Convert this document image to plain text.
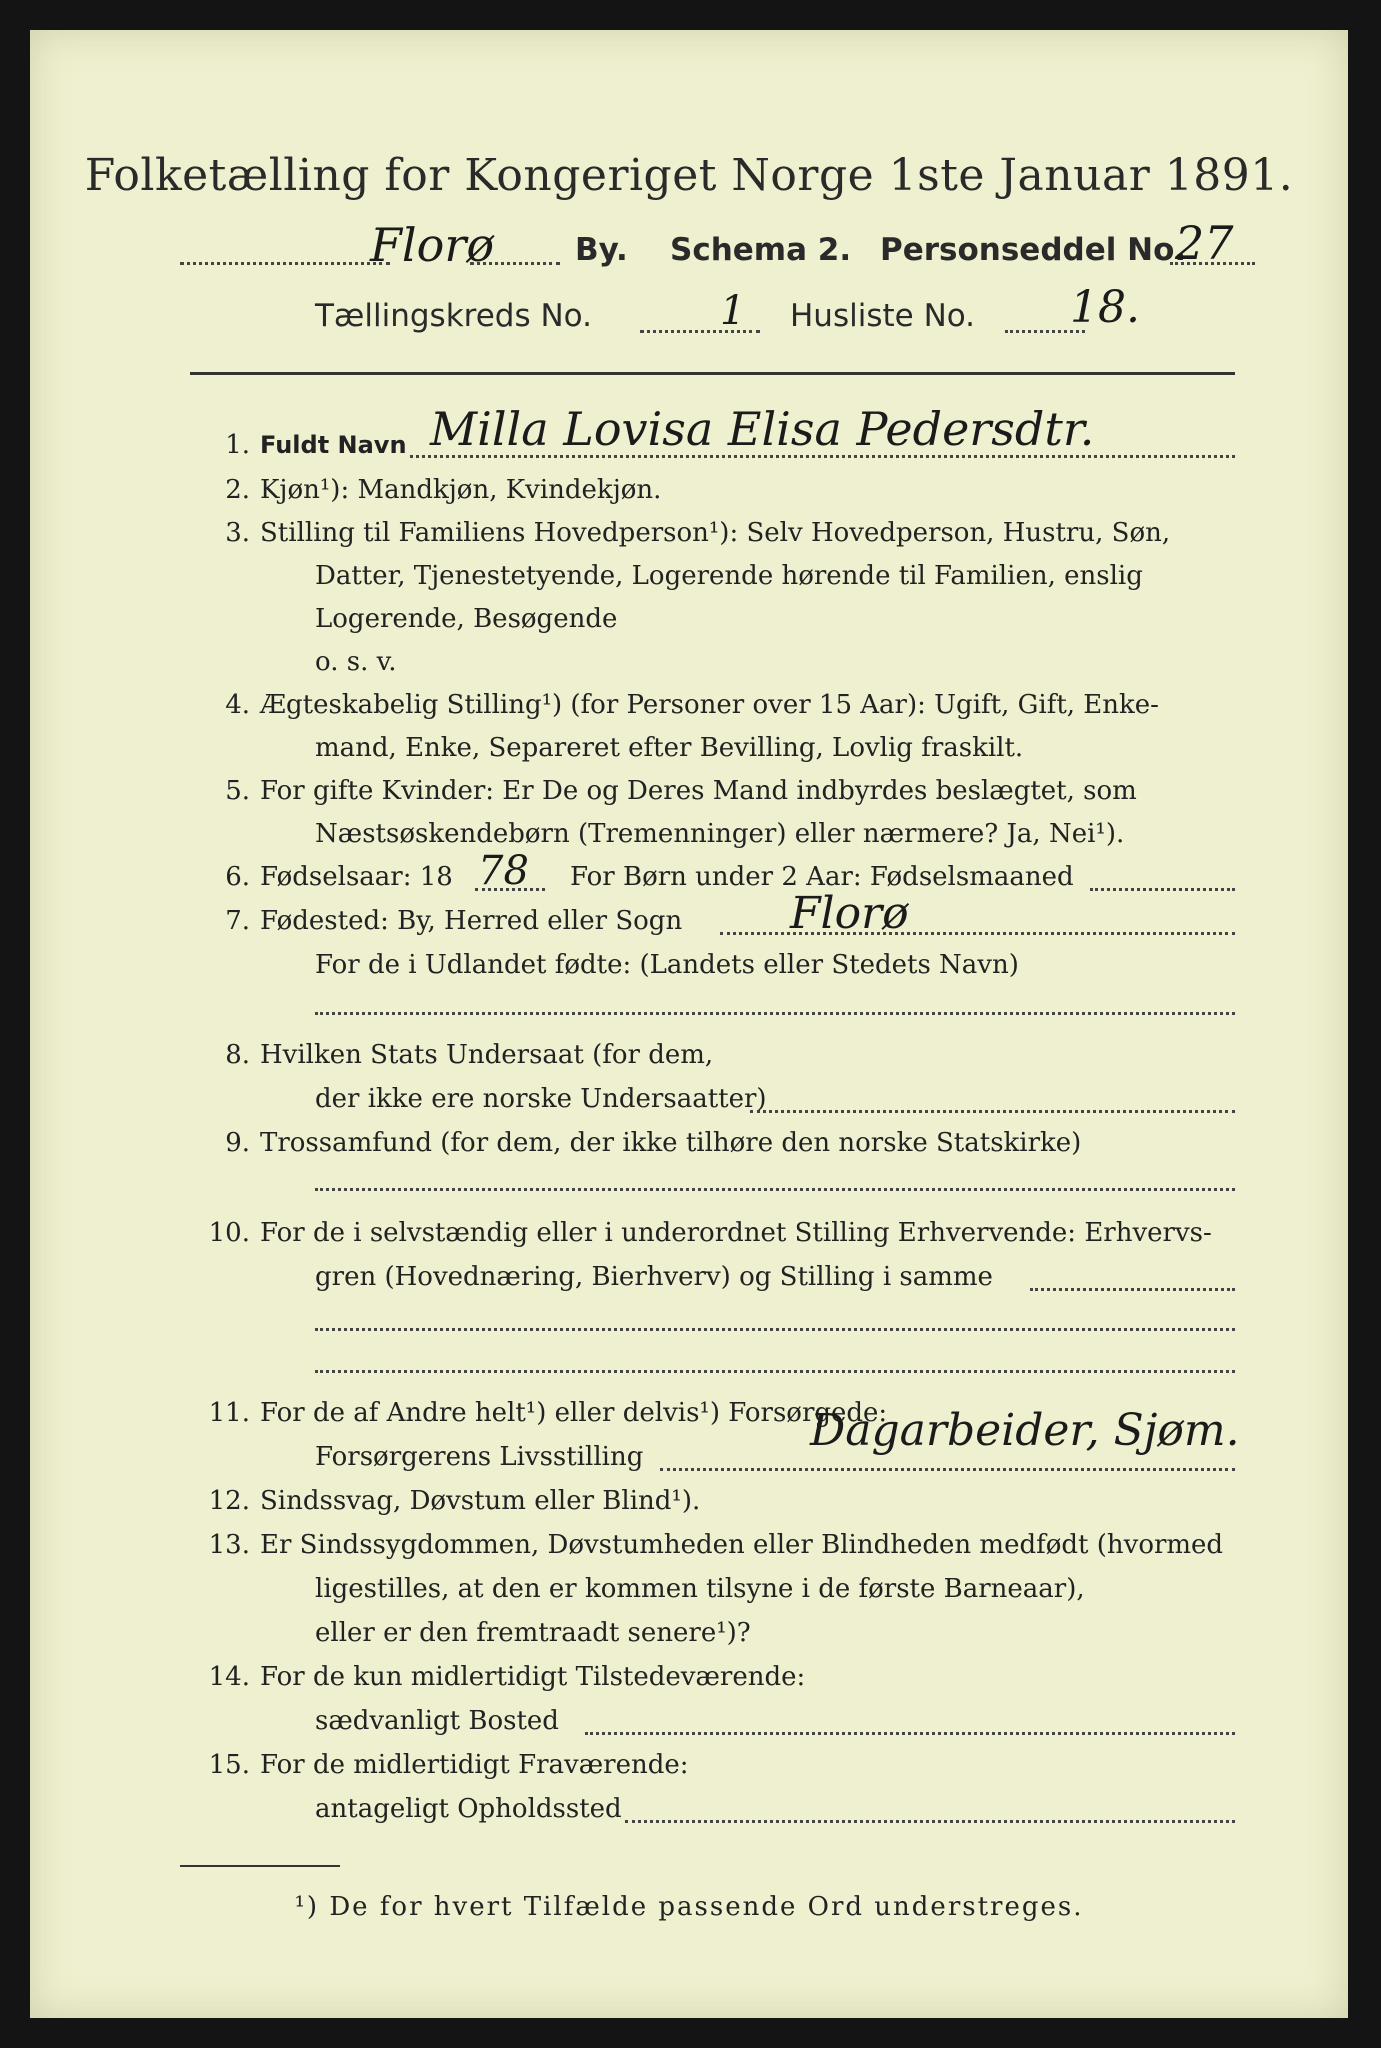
Folketælling for Kongeriget Norge 1ste Januar 1891.
Florø	By. Schema 2. Personseddel No.
27
Tællingskreds No.	1 Husliste No. 18.
1. Fuldt Navn Milla Lovisa Elisa Pedersdtr.
2. Kjøn¹): Mandkjøn, Kvindekjøn.
3. Stilling til Familiens Hovedperson¹): Selv Hovedperson, Hustru, Søn,
Datter, Tjenestetyende, Logerende hørende til Familien, enslig
Logerende, Besøgende
o. s. v.
4. Ægteskabelig Stilling¹) (for Personer over 15 Aar): Ugift, Gift, Enke-
mand, Enke, Separeret efter Bevilling, Lovlig fraskilt.
5. For gifte Kvinder: Er De og Deres Mand indbyrdes beslægtet, som
Næstsøskendebørn (Tremenninger) eller nærmere? Ja, Nei¹).
6. Fødselsaar: 18 78 For Børn under 2 Aar: Fødselsmaaned
7. Fødested: By, Herred eller Sogn Florø
For de i Udlandet fødte: (Landets eller Stedets Navn)
8. Hvilken Stats Undersaat (for dem,
der ikke ere norske Undersaatter)
9. Trossamfund (for dem, der ikke tilhøre den norske Statskirke)
10. For de i selvstændig eller i underordnet Stilling Erhvervende: Erhvervs-
gren (Hovednæring, Bierhverv) og Stilling i samme
11. For de af Andre helt¹) eller delvis¹) Forsørgede:
Forsørgerens Livsstilling
Dagarbeider, Sjøm.
12. Sindssvag, Døvstum eller Blind¹).
13. Er Sindssygdommen, Døvstumheden eller Blindheden medfødt (hvormed
ligestilles, at den er kommen tilsyne i de første Barneaar),
eller er den fremtraadt senere¹)?
14. For de kun midlertidigt Tilstedeværende:
sædvanligt Bosted
15. For de midlertidigt Fraværende:
antageligt Opholdssted
¹) De for hvert Tilfælde passende Ord understreges.
